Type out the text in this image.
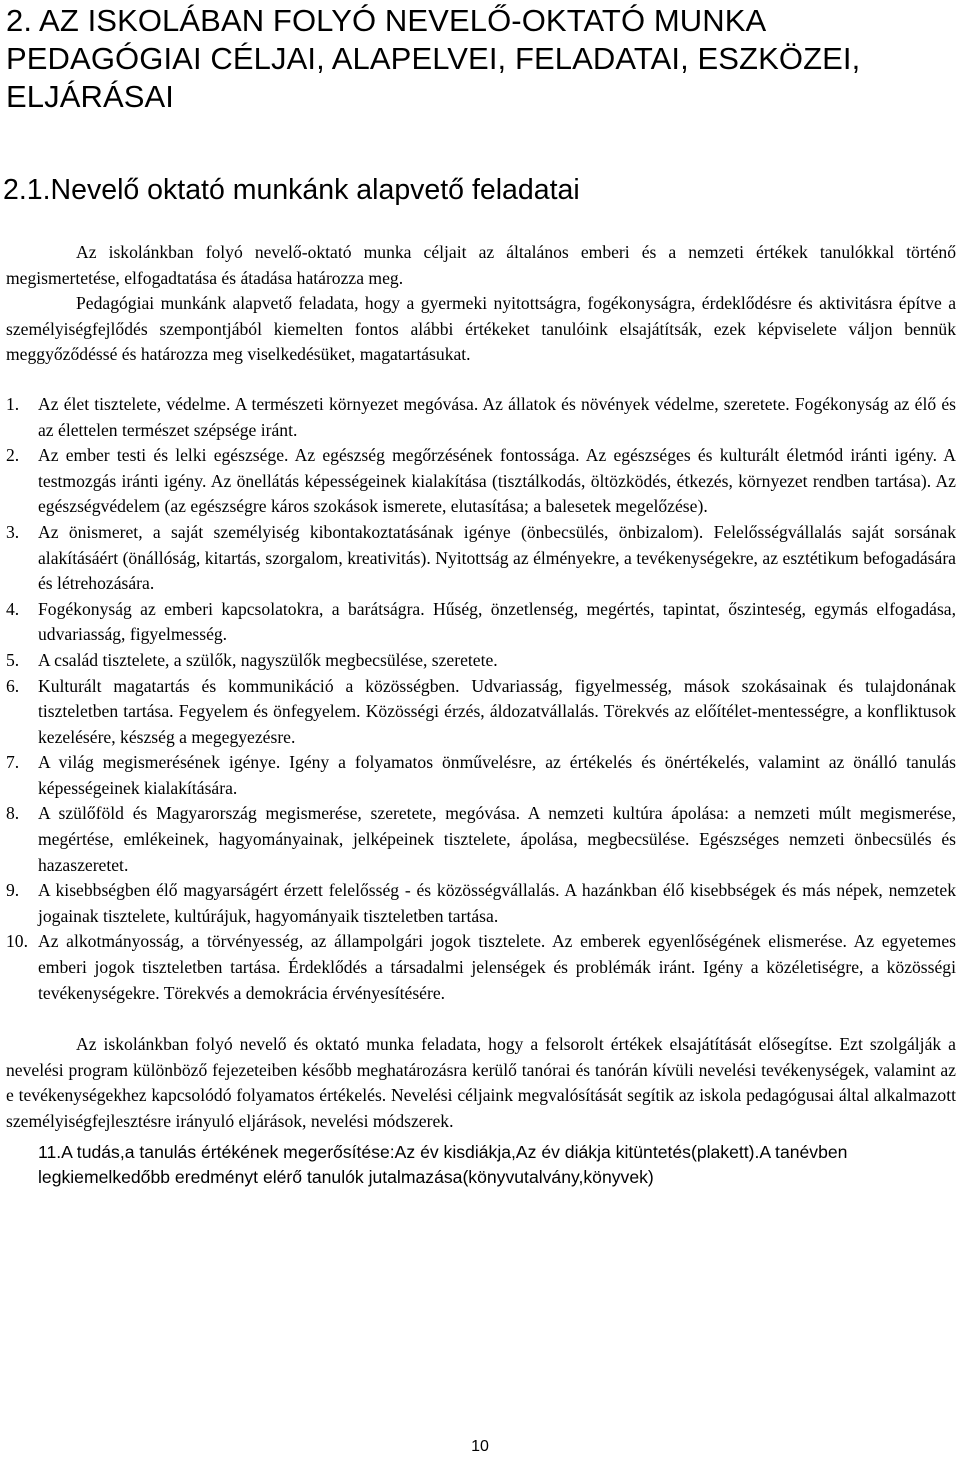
2. AZ ISKOLÁBAN FOLYÓ NEVELŐ-OKTATÓ MUNKA PEDAGÓGIAI CÉLJAI, ALAPELVEI, FELADATAI, ESZKÖZEI, ELJÁRÁSAI
2.1.Nevelő oktató munkánk alapvető feladatai

Az iskolánkban folyó nevelő-oktató munka céljait az általános emberi és a nemzeti értékek tanulókkal történő megismertetése, elfogadtatása és átadása határozza meg.

Pedagógiai munkánk alapvető feladata, hogy a gyermeki nyitottságra, fogékonyságra, érdeklődésre és aktivitásra építve a személyiségfejlődés szempontjából kiemelten fontos alábbi értékeket tanulóink elsajátítsák, ezek képviselete váljon bennük meggyőződéssé és határozza meg viselkedésüket, magatartásukat.

1. Az élet tisztelete, védelme. A természeti környezet megóvása. Az állatok és növények védelme, szeretete. Fogékonyság az élő és az élettelen természet szépsége iránt.
2. Az ember testi és lelki egészsége. Az egészség megőrzésének fontossága. Az egészséges és kulturált életmód iránti igény. A testmozgás iránti igény. Az önellátás képességeinek kialakítása (tisztálkodás, öltözködés, étkezés, környezet rendben tartása). Az egészségvédelem (az egészségre káros szokások ismerete, elutasítása; a balesetek megelőzése).
3. Az önismeret, a saját személyiség kibontakoztatásának igénye (önbecsülés, önbizalom). Felelősségvállalás saját sorsának alakításáért (önállóság, kitartás, szorgalom, kreativitás). Nyitottság az élményekre, a tevékenységekre, az esztétikum befogadására és létrehozására.
4. Fogékonyság az emberi kapcsolatokra, a barátságra. Hűség, önzetlenség, megértés, tapintat, őszinteség, egymás elfogadása, udvariasság, figyelmesség.
5. A család tisztelete, a szülők, nagyszülők megbecsülése, szeretete.
6. Kulturált magatartás és kommunikáció a közösségben. Udvariasság, figyelmesség, mások szokásainak és tulajdonának tiszteletben tartása. Fegyelem és önfegyelem. Közösségi érzés, áldozatvállalás. Törekvés az előítélet-mentességre, a konfliktusok kezelésére, készség a megegyezésre.
7. A világ megismerésének igénye. Igény a folyamatos önművelésre, az értékelés és önértékelés, valamint az önálló tanulás képességeinek kialakítására.
8. A szülőföld és Magyarország megismerése, szeretete, megóvása. A nemzeti kultúra ápolása: a nemzeti múlt megismerése, megértése, emlékeinek, hagyományainak, jelképeinek tisztelete, ápolása, megbecsülése. Egészséges nemzeti önbecsülés és hazaszeretet.
9. A kisebbségben élő magyarságért érzett felelősség - és közösségvállalás. A hazánkban élő kisebbségek és más népek, nemzetek jogainak tisztelete, kultúrájuk, hagyományaik tiszteletben tartása.
10. Az alkotmányosság, a törvényesség, az állampolgári jogok tisztelete. Az emberek egyenlőségének elismerése. Az egyetemes emberi jogok tiszteletben tartása. Érdeklődés a társadalmi jelenségek és problémák iránt. Igény a közéletiségre, a közösségi tevékenységekre. Törekvés a demokrácia érvényesítésére.

Az iskolánkban folyó nevelő és oktató munka feladata, hogy a felsorolt értékek elsajátítását elősegítse. Ezt szolgálják a nevelési program különböző fejezeteiben később meghatározásra kerülő tanórai és tanórán kívüli nevelési tevékenységek, valamint az e tevékenységekhez kapcsolódó folyamatos értékelés. Nevelési céljaink megvalósítását segítik az iskola pedagógusai által alkalmazott személyiségfejlesztésre irányuló eljárások, nevelési módszerek.

11.A tudás,a tanulás értékének megerősítése:Az év kisdiákja,Az év diákja kitüntetés(plakett).A tanévben legkiemelkedőbb eredményt elérő tanulók jutalmazása(könyvutalvány,könyvek)

10
